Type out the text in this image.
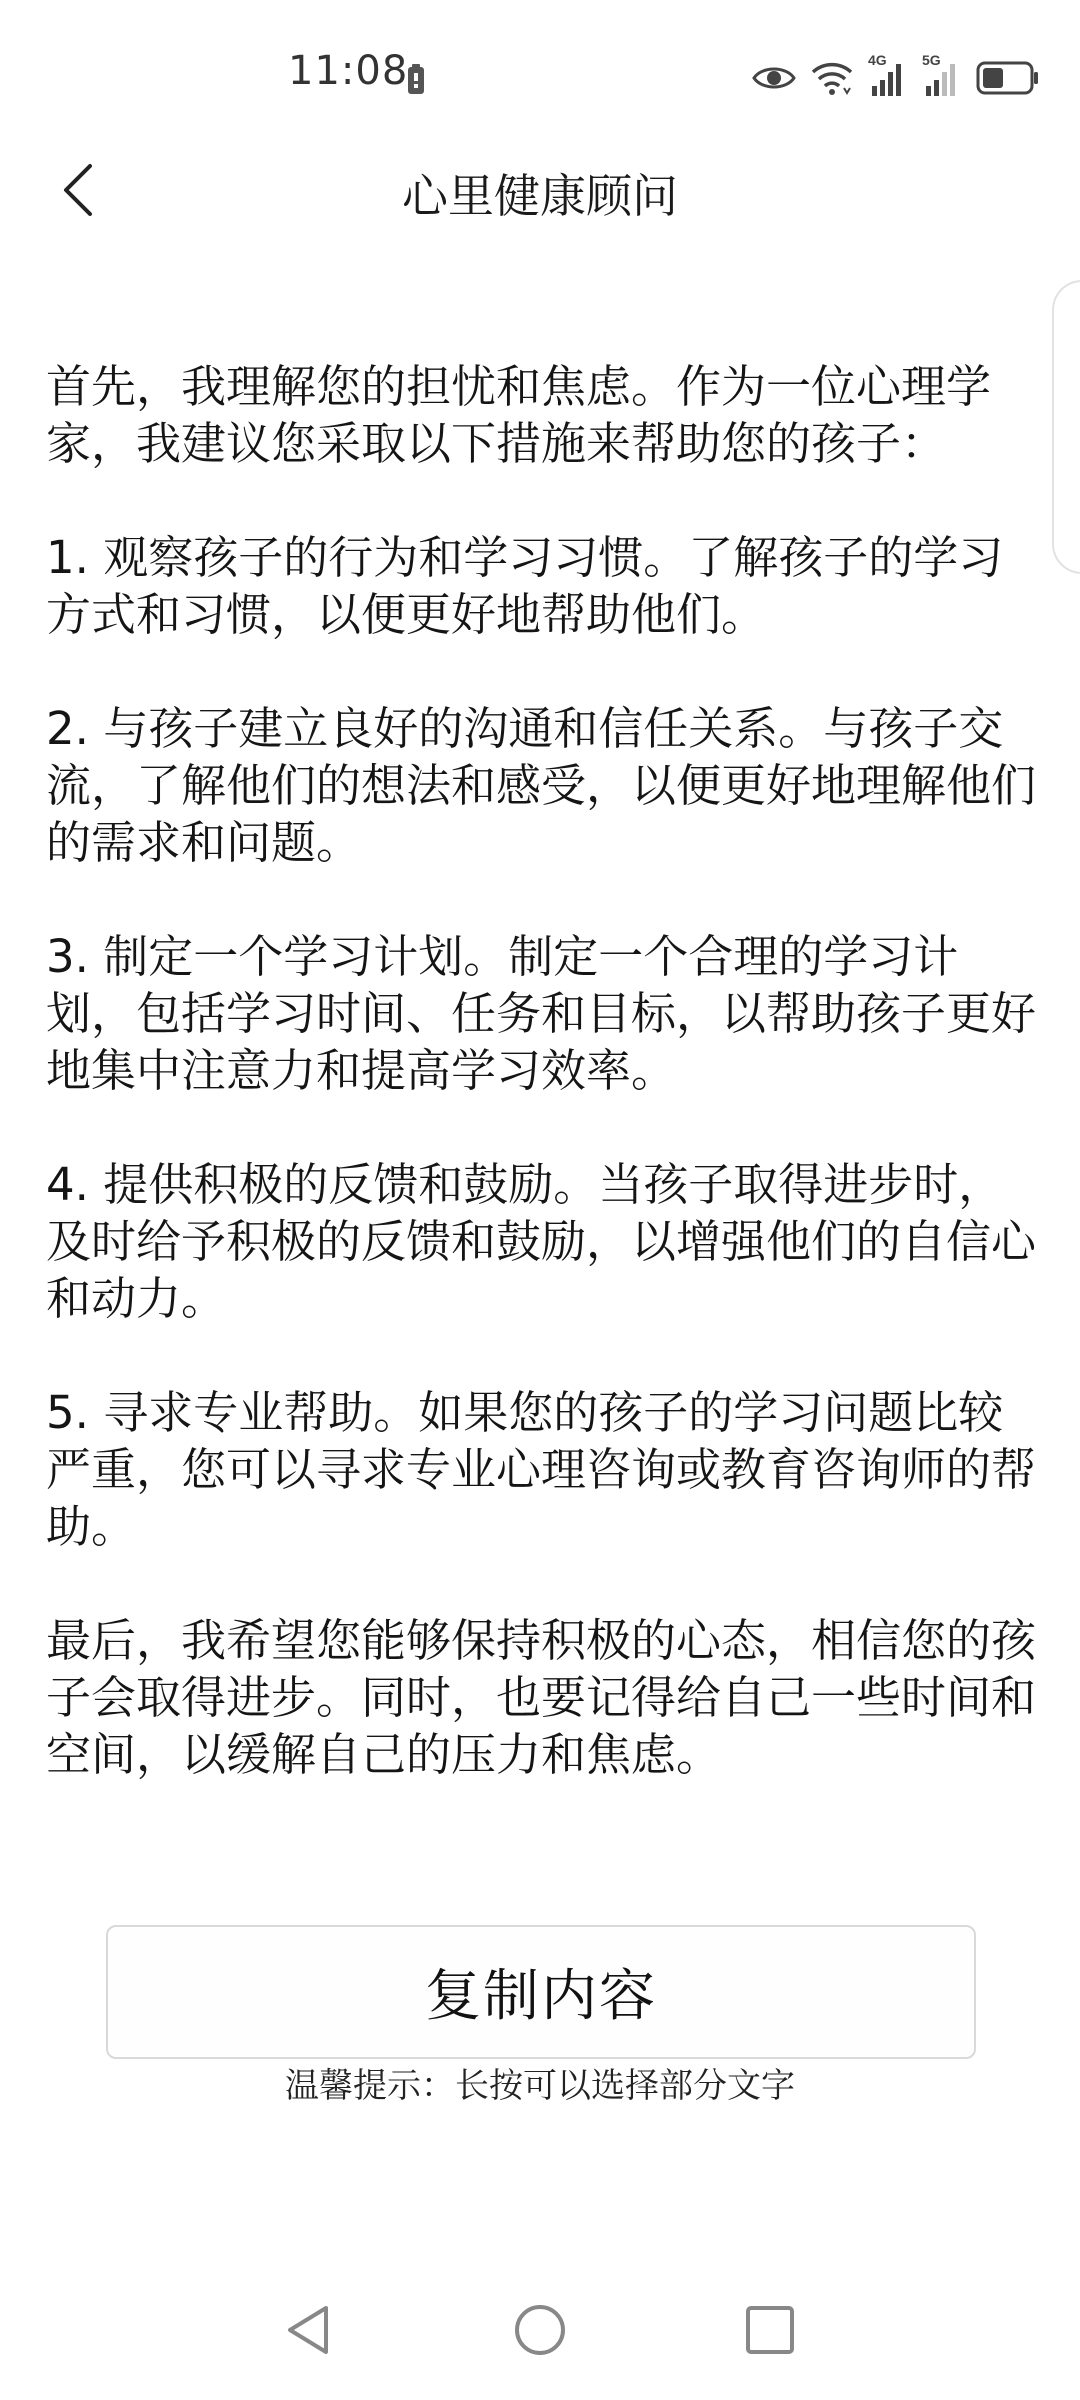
11:08	4G	5G
心里健康顾问

首先，我理解您的担忧和焦虑。作为一位心理学家，我建议您采取以下措施来帮助您的孩子：

1. 观察孩子的行为和学习习惯。了解孩子的学习方式和习惯，以便更好地帮助他们。

2. 与孩子建立良好的沟通和信任关系。与孩子交流，了解他们的想法和感受，以便更好地理解他们的需求和问题。

3. 制定一个学习计划。制定一个合理的学习计划，包括学习时间、任务和目标，以帮助孩子更好地集中注意力和提高学习效率。

4. 提供积极的反馈和鼓励。当孩子取得进步时，及时给予积极的反馈和鼓励，以增强他们的自信心和动力。

5. 寻求专业帮助。如果您的孩子的学习问题比较严重，您可以寻求专业心理咨询或教育咨询师的帮助。

最后，我希望您能够保持积极的心态，相信您的孩子会取得进步。同时，也要记得给自己一些时间和空间，以缓解自己的压力和焦虑。

复制内容
温馨提示：长按可以选择部分文字
